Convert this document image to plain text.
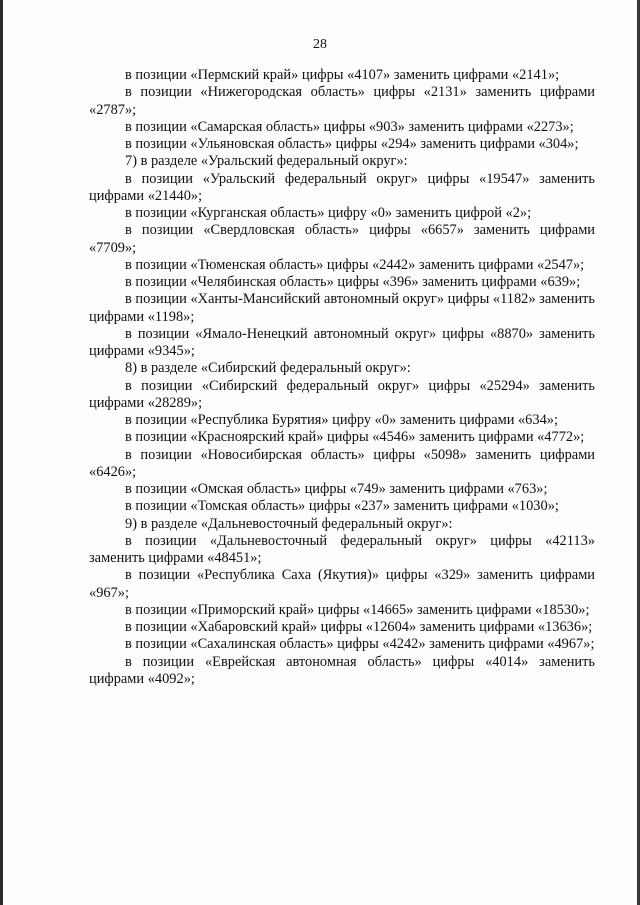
28

в позиции «Пермский край» цифры «4107» заменить цифрами «2141»;

в позиции «Нижегородская область» цифры «2131» заменить цифрами «2787»;

в позиции «Самарская область» цифры «903» заменить цифрами «2273»;

в позиции «Ульяновская область» цифры «294» заменить цифрами «304»;

7) в разделе «Уральский федеральный округ»:

в позиции «Уральский федеральный округ» цифры «19547» заменить цифрами «21440»;

в позиции «Курганская область» цифру «0» заменить цифрой «2»;

в позиции «Свердловская область» цифры «6657» заменить цифрами «7709»;

в позиции «Тюменская область» цифры «2442» заменить цифрами «2547»;

в позиции «Челябинская область» цифры «396» заменить цифрами «639»;

в позиции «Ханты-Мансийский автономный округ» цифры «1182» заменить цифрами «1198»;

в позиции «Ямало-Ненецкий автономный округ» цифры «8870» заменить цифрами «9345»;

8) в разделе «Сибирский федеральный округ»:

в позиции «Сибирский федеральный округ» цифры «25294» заменить цифрами «28289»;

в позиции «Республика Бурятия» цифру «0» заменить цифрами «634»;

в позиции «Красноярский край» цифры «4546» заменить цифрами «4772»;

в позиции «Новосибирская область» цифры «5098» заменить цифрами «6426»;

в позиции «Омская область» цифры «749» заменить цифрами «763»;

в позиции «Томская область» цифры «237» заменить цифрами «1030»;

9) в разделе «Дальневосточный федеральный округ»:

в позиции «Дальневосточный федеральный округ» цифры «42113» заменить цифрами «48451»;

в позиции «Республика Саха (Якутия)» цифры «329» заменить цифрами «967»;

в позиции «Приморский край» цифры «14665» заменить цифрами «18530»;

в позиции «Хабаровский край» цифры «12604» заменить цифрами «13636»;

в позиции «Сахалинская область» цифры «4242» заменить цифрами «4967»;

в позиции «Еврейская автономная область» цифры «4014» заменить цифрами «4092»;
